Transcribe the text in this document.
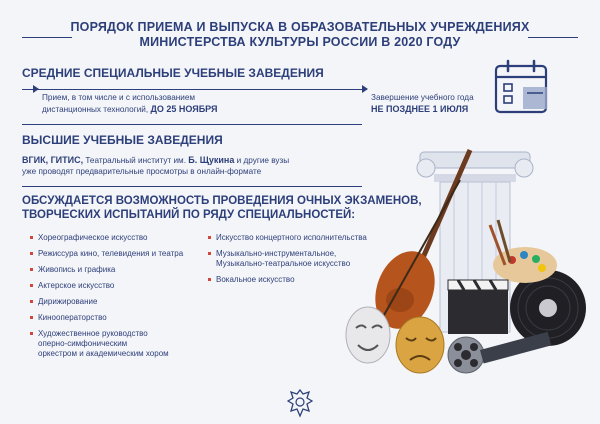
ПОРЯДОК ПРИЕМА И ВЫПУСКА В ОБРАЗОВАТЕЛЬНЫХ УЧРЕЖДЕНИЯХ
МИНИСТЕРСТВА КУЛЬТУРЫ РОССИИ В 2020 ГОДУ
СРЕДНИЕ СПЕЦИАЛЬНЫЕ УЧЕБНЫЕ ЗАВЕДЕНИЯ
Прием, в том числе и с использованием
дистанционных технологий, ДО 25 НОЯБРЯ
Завершение учебного года
НЕ ПОЗДНЕЕ 1 ИЮЛЯ
ВЫСШИЕ УЧЕБНЫЕ ЗАВЕДЕНИЯ
ВГИК, ГИТИС, Театральный институт им. Б. Щукина и другие вузы
уже проводят предварительные просмотры в онлайн-формате
ОБСУЖДАЕТСЯ ВОЗМОЖНОСТЬ ПРОВЕДЕНИЯ ОЧНЫХ ЭКЗАМЕНОВ,
ТВОРЧЕСКИХ ИСПЫТАНИЙ ПО РЯДУ СПЕЦИАЛЬНОСТЕЙ:
Хореографическое искусство
Режиссура кино, телевидения и театра
Живопись и графика
Актерское искусство
Дирижирование
Кинооператорство
Художественное руководство
оперно-симфоническим
оркестром и академическим хором
Искусство концертного исполнительства
Музыкально-инструментальное,
Музыкально-театральное искусство
Вокальное искусство
